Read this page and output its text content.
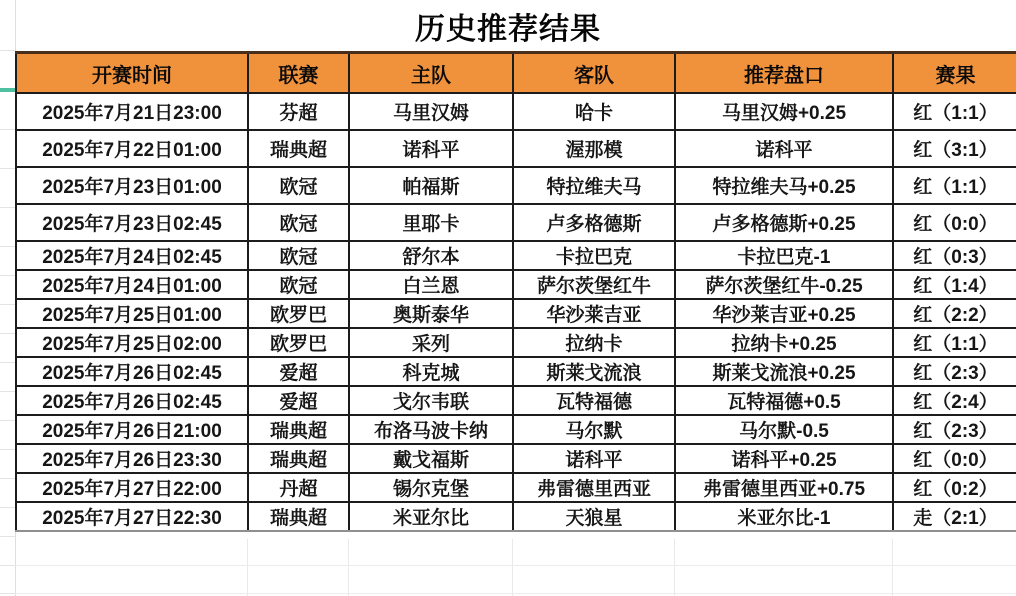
历史推荐结果
开赛时间	联赛	主队	客队	推荐盘口	赛果
2025年7月21日23:00	芬超	马里汉姆	哈卡	马里汉姆+0.25	红（1:1）
2025年7月22日01:00	瑞典超	诺科平	渥那模	诺科平	红（3:1）
2025年7月23日01:00	欧冠	帕福斯	特拉维夫马	特拉维夫马+0.25	红（1:1）
2025年7月23日02:45	欧冠	里耶卡	卢多格德斯	卢多格德斯+0.25	红（0:0）
2025年7月24日02:45	欧冠	舒尔本	卡拉巴克	卡拉巴克-1	红（0:3）
2025年7月24日01:00	欧冠	白兰恩	萨尔茨堡红牛	萨尔茨堡红牛-0.25	红（1:4）
2025年7月25日01:00	欧罗巴	奥斯泰华	华沙莱吉亚	华沙莱吉亚+0.25	红（2:2）
2025年7月25日02:00	欧罗巴	采列	拉纳卡	拉纳卡+0.25	红（1:1）
2025年7月26日02:45	爱超	科克城	斯莱戈流浪	斯莱戈流浪+0.25	红（2:3）
2025年7月26日02:45	爱超	戈尔韦联	瓦特福德	瓦特福德+0.5	红（2:4）
2025年7月26日21:00	瑞典超	布洛马波卡纳	马尔默	马尔默-0.5	红（2:3）
2025年7月26日23:30	瑞典超	戴戈福斯	诺科平	诺科平+0.25	红（0:0）
2025年7月27日22:00	丹超	锡尔克堡	弗雷德里西亚	弗雷德里西亚+0.75	红（0:2）
2025年7月27日22:30	瑞典超	米亚尔比	天狼星	米亚尔比-1	走（2:1）
